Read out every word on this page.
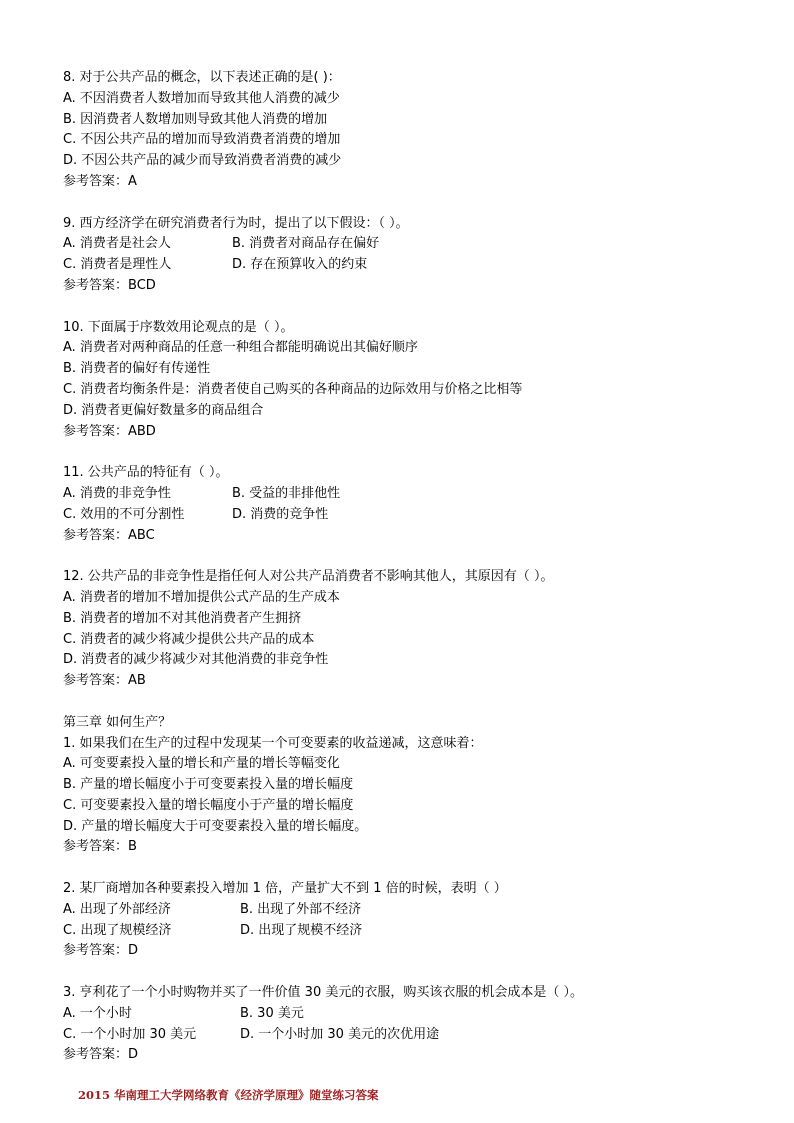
8. 对于公共产品的概念，以下表述正确的是( )：
A. 不因消费者人数增加而导致其他人消费的减少
B. 因消费者人数增加则导致其他人消费的增加
C. 不因公共产品的增加而导致消费者消费的增加
D. 不因公共产品的减少而导致消费者消费的减少
参考答案：A
9. 西方经济学在研究消费者行为时，提出了以下假设：（ ）。
A. 消费者是社会人	B. 消费者对商品存在偏好
C. 消费者是理性人	D. 存在预算收入的约束
参考答案：BCD
10. 下面属于序数效用论观点的是（ ）。
A. 消费者对两种商品的任意一种组合都能明确说出其偏好顺序
B. 消费者的偏好有传递性
C. 消费者均衡条件是：消费者使自己购买的各种商品的边际效用与价格之比相等
D. 消费者更偏好数量多的商品组合
参考答案：ABD
11. 公共产品的特征有（ ）。
A. 消费的非竞争性	B. 受益的非排他性
C. 效用的不可分割性	D. 消费的竞争性
参考答案：ABC
12. 公共产品的非竞争性是指任何人对公共产品消费者不影响其他人，其原因有（ ）。
A. 消费者的增加不增加提供公式产品的生产成本
B. 消费者的增加不对其他消费者产生拥挤
C. 消费者的减少将减少提供公共产品的成本
D. 消费者的减少将减少对其他消费的非竞争性
参考答案：AB
第三章 如何生产？
1. 如果我们在生产的过程中发现某一个可变要素的收益递减，这意味着：
A. 可变要素投入量的增长和产量的增长等幅变化
B. 产量的增长幅度小于可变要素投入量的增长幅度
C. 可变要素投入量的增长幅度小于产量的增长幅度
D. 产量的增长幅度大于可变要素投入量的增长幅度。
参考答案：B
2. 某厂商增加各种要素投入增加 1 倍，产量扩大不到 1 倍的时候，表明（ ）
A. 出现了外部经济	B. 出现了外部不经济
C. 出现了规模经济	D. 出现了规模不经济
参考答案：D
3. 亨利花了一个小时购物并买了一件价值 30 美元的衣服，购买该衣服的机会成本是（ ）。
A. 一个小时	B. 30 美元
C. 一个小时加 30 美元	D. 一个小时加 30 美元的次优用途
参考答案：D
2015 华南理工大学网络教育《经济学原理》随堂练习答案
